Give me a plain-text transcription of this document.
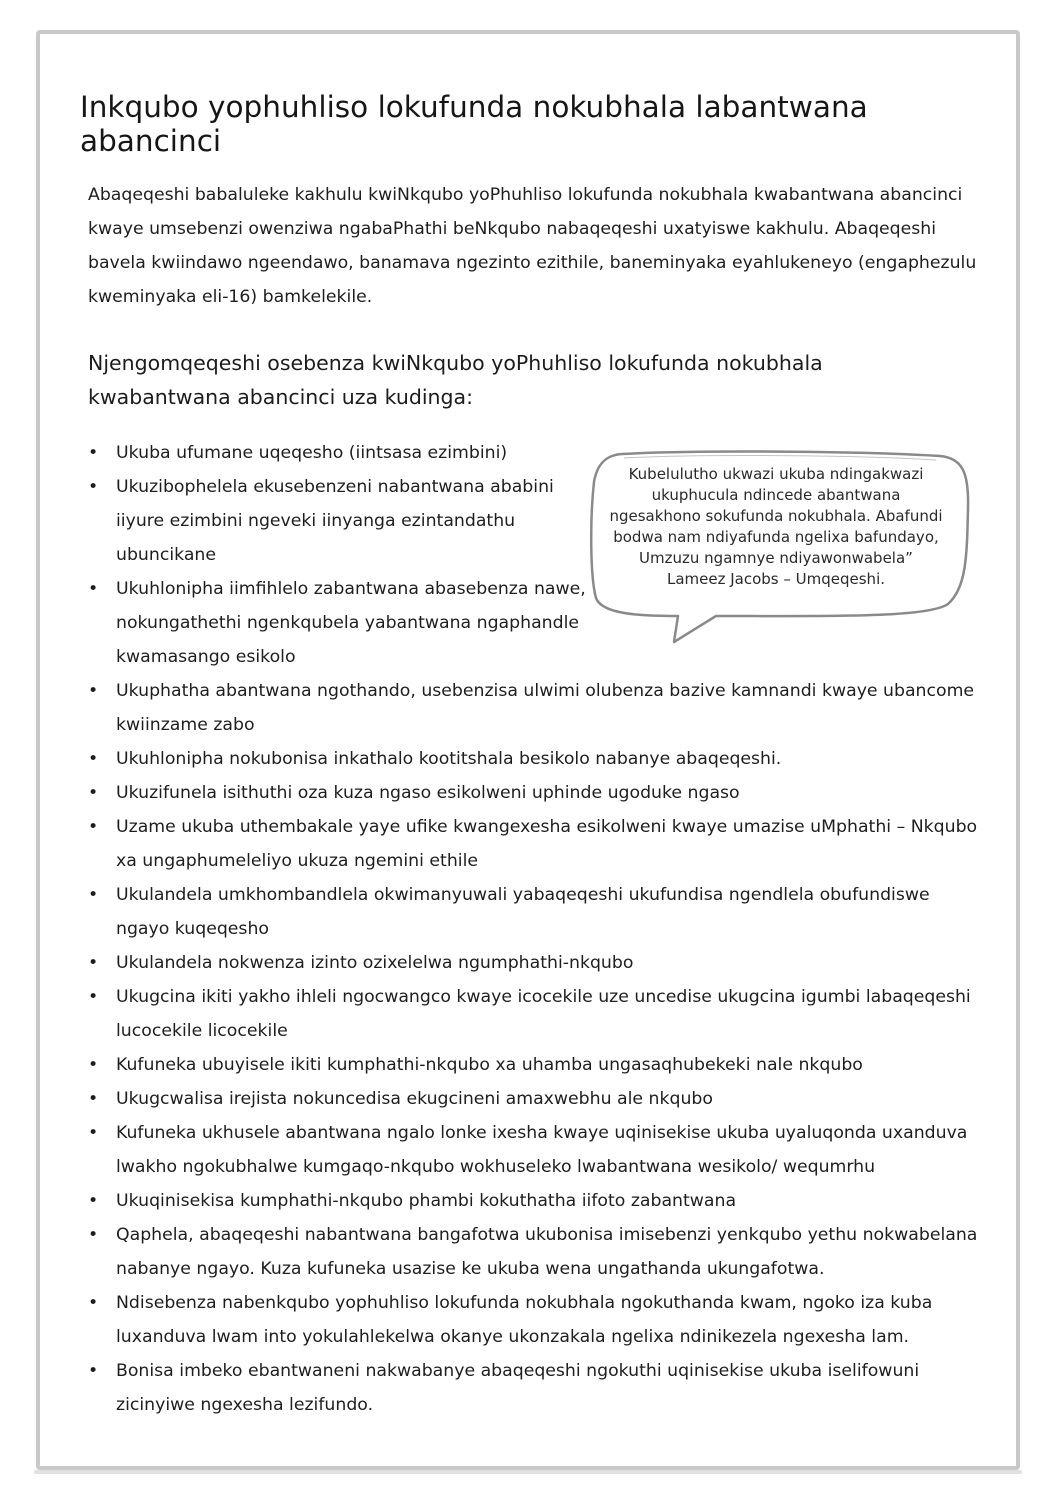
Inkqubo yophuhliso lokufunda nokubhala labantwana abancinci

Abaqeqeshi babaluleke kakhulu kwiNkqubo yoPhuhliso lokufunda nokubhala kwabantwana abancinci kwaye umsebenzi owenziwa ngabaPhathi beNkqubo nabaqeqeshi uxatyiswe kakhulu. Abaqeqeshi bavela kwiindawo ngeendawo, banamava ngezinto ezithile, baneminyaka eyahlukeneyo (engaphezulu kweminyaka eli-16) bamkelekile.

Njengomqeqeshi osebenza kwiNkqubo yoPhuhliso lokufunda nokubhala kwabantwana abancinci uza kudinga:
• Ukuba ufumane uqeqesho (iintsasa ezimbini)
• Ukuzibophelela ekusebenzeni nabantwana ababini iiyure ezimbini ngeveki iinyanga ezintandathu ubuncikane
• Ukuhlonipha iimfihlelo zabantwana abasebenza nawe, nokungathethi ngenkqubela yabantwana ngaphandle kwamasango esikolo
• Ukuphatha abantwana ngothando, usebenzisa ulwimi olubenza bazive kamnandi kwaye ubancome kwiinzame zabo
• Ukuhlonipha nokubonisa inkathalo kootitshala besikolo nabanye abaqeqeshi.
• Ukuzifunela isithuthi oza kuza ngaso esikolweni uphinde ugoduke ngaso
• Uzame ukuba uthembakale yaye ufike kwangexesha esikolweni kwaye umazise uMphathi – Nkqubo xa ungaphumeleliyo ukuza ngemini ethile
• Ukulandela umkhombandlela okwimanyuwali yabaqeqeshi ukufundisa ngendlela obufundiswe ngayo kuqeqesho
• Ukulandela nokwenza izinto ozixelelwa ngumphathi-nkqubo
• Ukugcina ikiti yakho ihleli ngocwangco kwaye icocekile uze uncedise ukugcina igumbi labaqeqeshi lucocekile licocekile
• Kufuneka ubuyisele ikiti kumphathi-nkqubo xa uhamba ungasaqhubekeki nale nkqubo
• Ukugcwalisa irejista nokuncedisa ekugcineni amaxwebhu ale nkqubo
• Kufuneka ukhusele abantwana ngalo lonke ixesha kwaye uqinisekise ukuba uyaluqonda uxanduva lwakho ngokubhalwe kumgaqo-nkqubo wokhuseleko lwabantwana wesikolo/ wequmrhu
• Ukuqinisekisa kumphathi-nkqubo phambi kokuthatha iifoto zabantwana
• Qaphela, abaqeqeshi nabantwana bangafotwa ukubonisa imisebenzi yenkqubo yethu nokwabelana nabanye ngayo. Kuza kufuneka usazise ke ukuba wena ungathanda ukungafotwa.
• Ndisebenza nabenkqubo yophuhliso lokufunda nokubhala ngokuthanda kwam, ngoko iza kuba luxanduva lwam into yokulahlekelwa okanye ukonzakala ngelixa ndinikezela ngexesha lam.
• Bonisa imbeko ebantwaneni nakwabanye abaqeqeshi ngokuthi uqinisekise ukuba iselifowuni zicinyiwe ngexesha lezifundo.

Kubelulutho ukwazi ukuba ndingakwazi ukuphucula ndincede abantwana ngesakhono sokufunda nokubhala. Abafundi bodwa nam ndiyafunda ngelixa bafundayo, Umzuzu ngamnye ndiyawonwabela”
Lameez Jacobs – Umqeqeshi.
